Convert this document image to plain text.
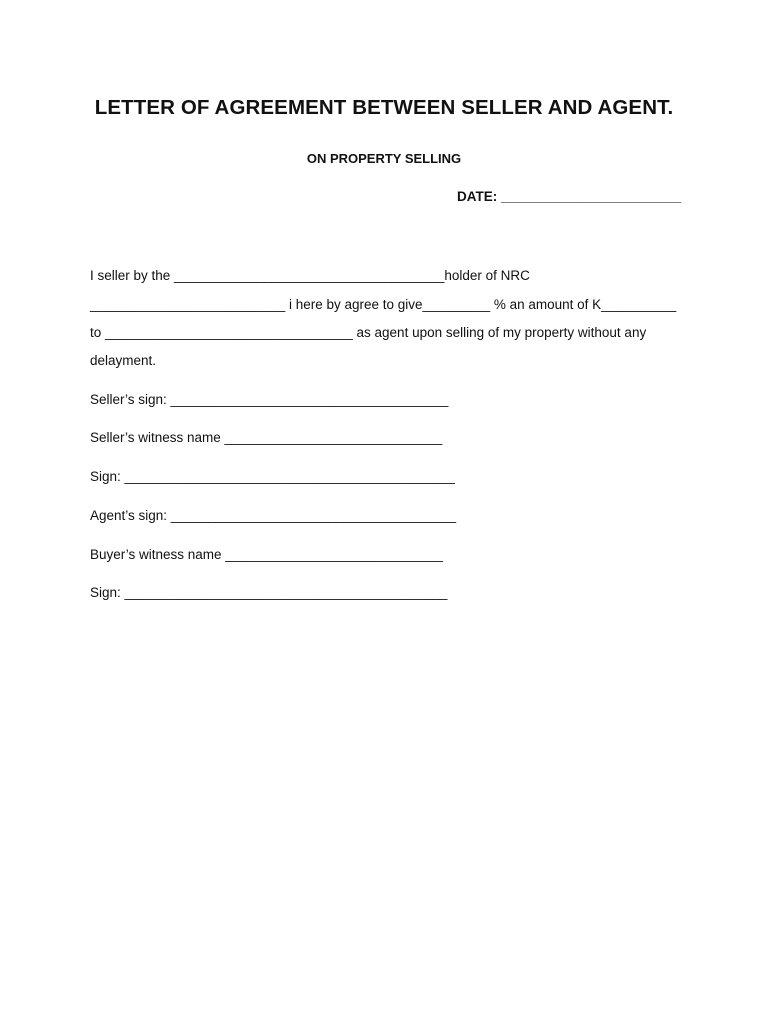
LETTER OF AGREEMENT BETWEEN SELLER AND AGENT.
ON PROPERTY SELLING
DATE: ________________________
I seller by the ____________________________________holder of NRC
__________________________ i here by agree to give_________ % an amount of K__________
to _________________________________ as agent upon selling of my property without any
delayment.
Seller’s sign: _____________________________________
Seller’s witness name _____________________________
Sign: ____________________________________________
Agent’s sign: ______________________________________
Buyer’s witness name _____________________________
Sign: ___________________________________________
